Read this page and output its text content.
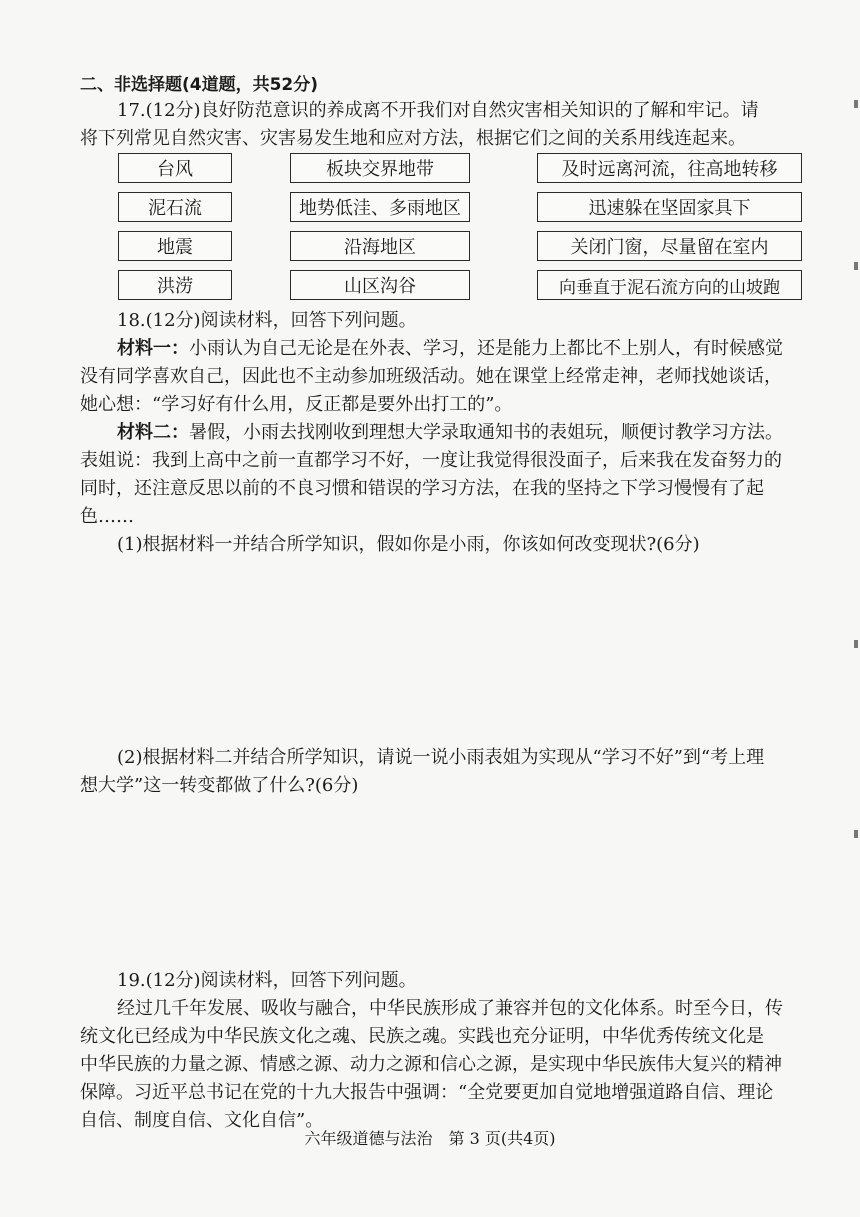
二、非选择题(4道题，共52分)
17.(12分)良好防范意识的养成离不开我们对自然灾害相关知识的了解和牢记。请
将下列常见自然灾害、灾害易发生地和应对方法，根据它们之间的关系用线连起来。
台风
泥石流
地震
洪涝
板块交界地带
地势低洼、多雨地区
沿海地区
山区沟谷
及时远离河流，往高地转移
迅速躲在坚固家具下
关闭门窗，尽量留在室内
向垂直于泥石流方向的山坡跑
18.(12分)阅读材料，回答下列问题。
材料一：小雨认为自己无论是在外表、学习，还是能力上都比不上别人，有时候感觉
没有同学喜欢自己，因此也不主动参加班级活动。她在课堂上经常走神，老师找她谈话，
她心想：“学习好有什么用，反正都是要外出打工的”。
材料二：暑假，小雨去找刚收到理想大学录取通知书的表姐玩，顺便讨教学习方法。
表姐说：我到上高中之前一直都学习不好，一度让我觉得很没面子，后来我在发奋努力的
同时，还注意反思以前的不良习惯和错误的学习方法，在我的坚持之下学习慢慢有了起
色……
(1)根据材料一并结合所学知识，假如你是小雨，你该如何改变现状?(6分)
(2)根据材料二并结合所学知识，请说一说小雨表姐为实现从“学习不好”到“考上理
想大学”这一转变都做了什么?(6分)
19.(12分)阅读材料，回答下列问题。
经过几千年发展、吸收与融合，中华民族形成了兼容并包的文化体系。时至今日，传
统文化已经成为中华民族文化之魂、民族之魂。实践也充分证明，中华优秀传统文化是
中华民族的力量之源、情感之源、动力之源和信心之源，是实现中华民族伟大复兴的精神
保障。习近平总书记在党的十九大报告中强调：“全党要更加自觉地增强道路自信、理论
自信、制度自信、文化自信”。
六年级道德与法治　第 3 页(共4页)
